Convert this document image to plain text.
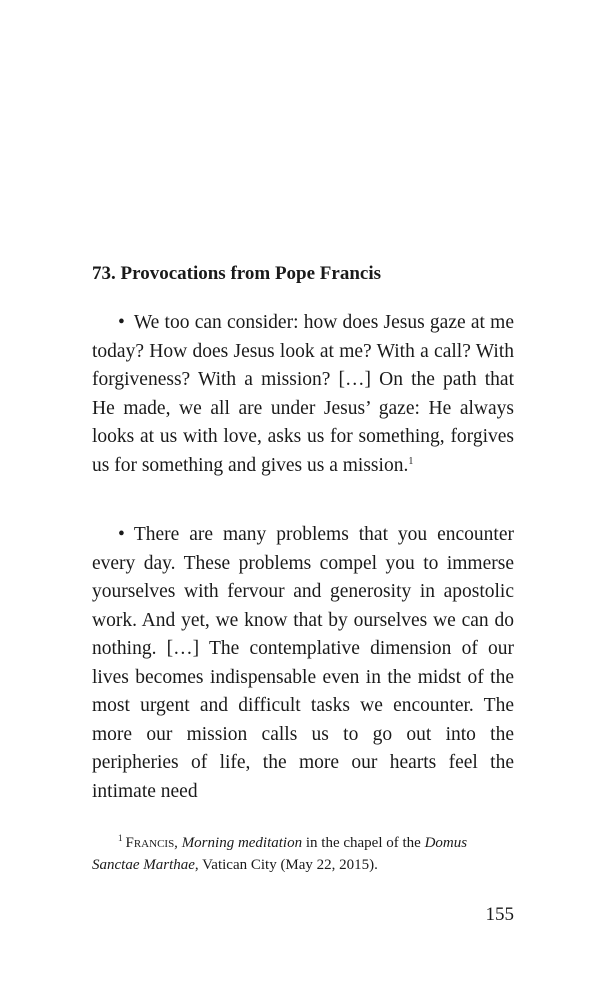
73. Provocations from Pope Francis

• We too can consider: how does Jesus gaze at me today? How does Jesus look at me? With a call? With forgiveness? With a mission? […] On the path that He made, we all are under Jesus’ gaze: He always looks at us with love, asks us for something, forgives us for something and gives us a mission.$^1$

• There are many problems that you encounter every day. These problems compel you to immerse yourselves with fervour and generosity in apostolic work. And yet, we know that by ourselves we can do nothing. […] The contemplative dimension of our lives becomes indispensable even in the midst of the most urgent and difficult tasks we encounter. The more our mission calls us to go out into the peripheries of life, the more our hearts feel the intimate need

$^1$ Francis, Morning meditation in the chapel of the Domus Sanctae Marthae, Vatican City (May 22, 2015).

155
